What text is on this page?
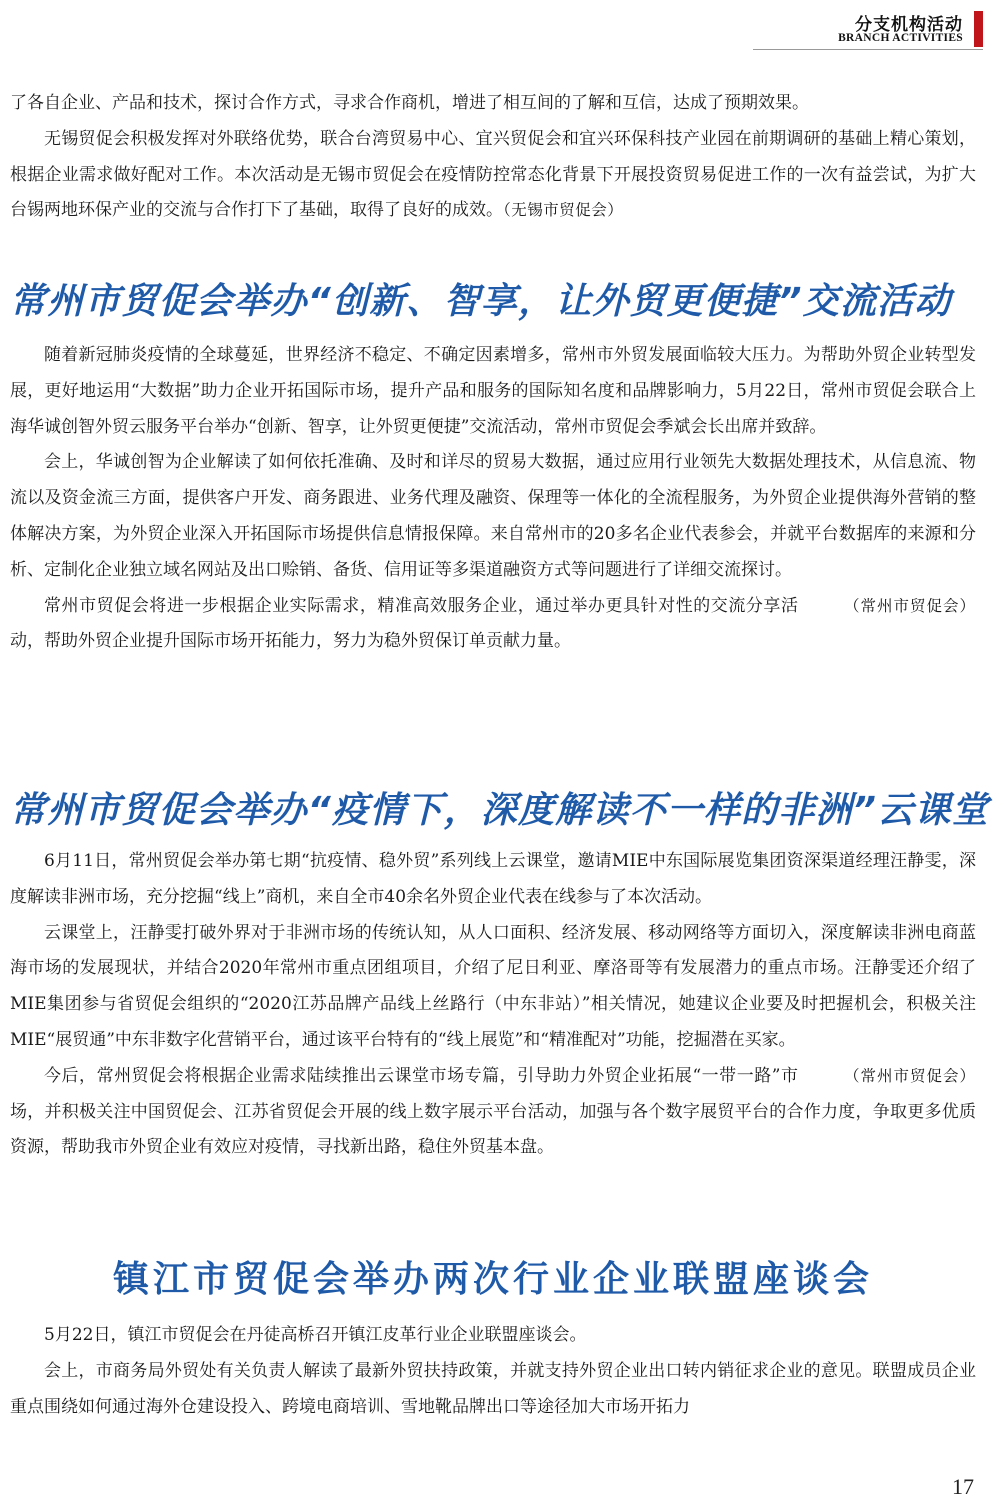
分支机构活动
BRANCH ACTIVITIES

了各自企业、产品和技术，探讨合作方式，寻求合作商机，增进了相互间的了解和互信，达成了预期效果。

无锡贸促会积极发挥对外联络优势，联合台湾贸易中心、宜兴贸促会和宜兴环保科技产业园在前期调研的基础上精心策划，根据企业需求做好配对工作。本次活动是无锡市贸促会在疫情防控常态化背景下开展投资贸易促进工作的一次有益尝试，为扩大台锡两地环保产业的交流与合作打下了基础，取得了良好的成效。（无锡市贸促会）

常州市贸促会举办“创新、智享，让外贸更便捷”交流活动

随着新冠肺炎疫情的全球蔓延，世界经济不稳定、不确定因素增多，常州市外贸发展面临较大压力。为帮助外贸企业转型发展，更好地运用“大数据”助力企业开拓国际市场，提升产品和服务的国际知名度和品牌影响力，5月22日，常州市贸促会联合上海华诚创智外贸云服务平台举办“创新、智享，让外贸更便捷”交流活动，常州市贸促会季斌会长出席并致辞。

会上，华诚创智为企业解读了如何依托准确、及时和详尽的贸易大数据，通过应用行业领先大数据处理技术，从信息流、物流以及资金流三方面，提供客户开发、商务跟进、业务代理及融资、保理等一体化的全流程服务，为外贸企业提供海外营销的整体解决方案，为外贸企业深入开拓国际市场提供信息情报保障。来自常州市的20多名企业代表参会，并就平台数据库的来源和分析、定制化企业独立域名网站及出口赊销、备货、信用证等多渠道融资方式等问题进行了详细交流探讨。

（常州市贸促会）
常州市贸促会将进一步根据企业实际需求，精准高效服务企业，通过举办更具针对性的交流分享活动，帮助外贸企业提升国际市场开拓能力，努力为稳外贸保订单贡献力量。

常州市贸促会举办“疫情下，深度解读不一样的非洲”云课堂

6月11日，常州贸促会举办第七期“抗疫情、稳外贸”系列线上云课堂，邀请MIE中东国际展览集团资深渠道经理汪静雯，深度解读非洲市场，充分挖掘“线上”商机，来自全市40余名外贸企业代表在线参与了本次活动。

云课堂上，汪静雯打破外界对于非洲市场的传统认知，从人口面积、经济发展、移动网络等方面切入，深度解读非洲电商蓝海市场的发展现状，并结合2020年常州市重点团组项目，介绍了尼日利亚、摩洛哥等有发展潜力的重点市场。汪静雯还介绍了MIE集团参与省贸促会组织的“2020江苏品牌产品线上丝路行（中东非站）”相关情况，她建议企业要及时把握机会，积极关注MIE“展贸通”中东非数字化营销平台，通过该平台特有的“线上展览”和“精准配对”功能，挖掘潜在买家。

（常州市贸促会）
今后，常州贸促会将根据企业需求陆续推出云课堂市场专篇，引导助力外贸企业拓展“一带一路”市场，并积极关注中国贸促会、江苏省贸促会开展的线上数字展示平台活动，加强与各个数字展贸平台的合作力度，争取更多优质资源，帮助我市外贸企业有效应对疫情，寻找新出路，稳住外贸基本盘。

镇江市贸促会举办两次行业企业联盟座谈会

5月22日，镇江市贸促会在丹徒高桥召开镇江皮革行业企业联盟座谈会。

会上，市商务局外贸处有关负责人解读了最新外贸扶持政策，并就支持外贸企业出口转内销征求企业的意见。联盟成员企业重点围绕如何通过海外仓建设投入、跨境电商培训、雪地靴品牌出口等途径加大市场开拓力

17
